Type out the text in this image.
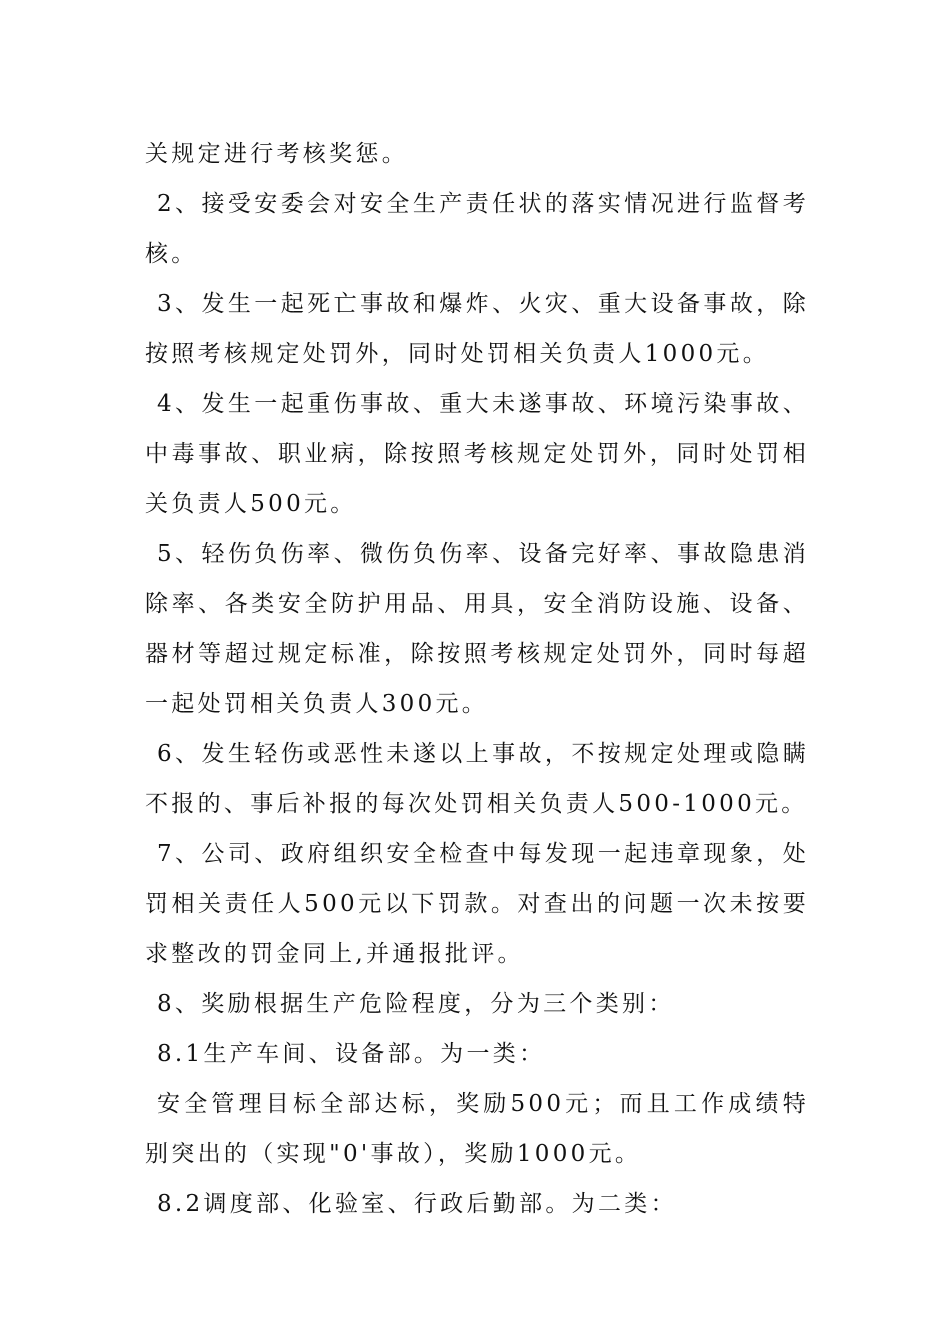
关规定进行考核奖惩。

2、接受安委会对安全生产责任状的落实情况进行监督考核。

3、发生一起死亡事故和爆炸、火灾、重大设备事故，除按照考核规定处罚外，同时处罚相关负责人1000元。

4、发生一起重伤事故、重大未遂事故、环境污染事故、中毒事故、职业病，除按照考核规定处罚外，同时处罚相关负责人500元。

5、轻伤负伤率、微伤负伤率、设备完好率、事故隐患消除率、各类安全防护用品、用具，安全消防设施、设备、器材等超过规定标准，除按照考核规定处罚外，同时每超一起处罚相关负责人300元。

6、发生轻伤或恶性未遂以上事故，不按规定处理或隐瞒不报的、事后补报的每次处罚相关负责人500-1000元。

7、公司、政府组织安全检查中每发现一起违章现象，处罚相关责任人500元以下罚款。对查出的问题一次未按要求整改的罚金同上,并通报批评。

8、奖励根据生产危险程度，分为三个类别：

8.1生产车间、设备部。为一类：

安全管理目标全部达标，奖励500元；而且工作成绩特别突出的（实现"0'事故），奖励1000元。

8.2调度部、化验室、行政后勤部。为二类：
